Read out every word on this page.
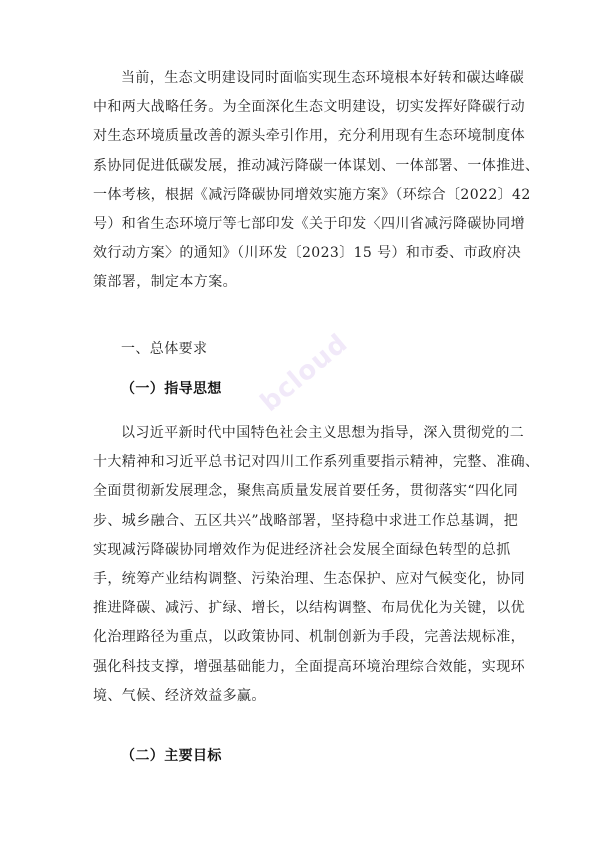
当前，生态文明建设同时面临实现生态环境根本好转和碳达峰碳
中和两大战略任务。为全面深化生态文明建设，切实发挥好降碳行动
对生态环境质量改善的源头牵引作用，充分利用现有生态环境制度体
系协同促进低碳发展，推动减污降碳一体谋划、一体部署、一体推进、
一体考核，根据《减污降碳协同增效实施方案》（环综合〔2022〕42
号）和省生态环境厅等七部印发《关于印发〈四川省减污降碳协同增
效行动方案〉的通知》（川环发〔2023〕15 号）和市委、市政府决
策部署，制定本方案。

一、总体要求
（一）指导思想

以习近平新时代中国特色社会主义思想为指导，深入贯彻党的二
十大精神和习近平总书记对四川工作系列重要指示精神，完整、准确、
全面贯彻新发展理念，聚焦高质量发展首要任务，贯彻落实“四化同
步、城乡融合、五区共兴”战略部署，坚持稳中求进工作总基调，把
实现减污降碳协同增效作为促进经济社会发展全面绿色转型的总抓
手，统筹产业结构调整、污染治理、生态保护、应对气候变化，协同
推进降碳、减污、扩绿、增长，以结构调整、布局优化为关键，以优
化治理路径为重点，以政策协同、机制创新为手段，完善法规标准，
强化科技支撑，增强基础能力，全面提高环境治理综合效能，实现环
境、气候、经济效益多赢。

（二）主要目标
bcloud
